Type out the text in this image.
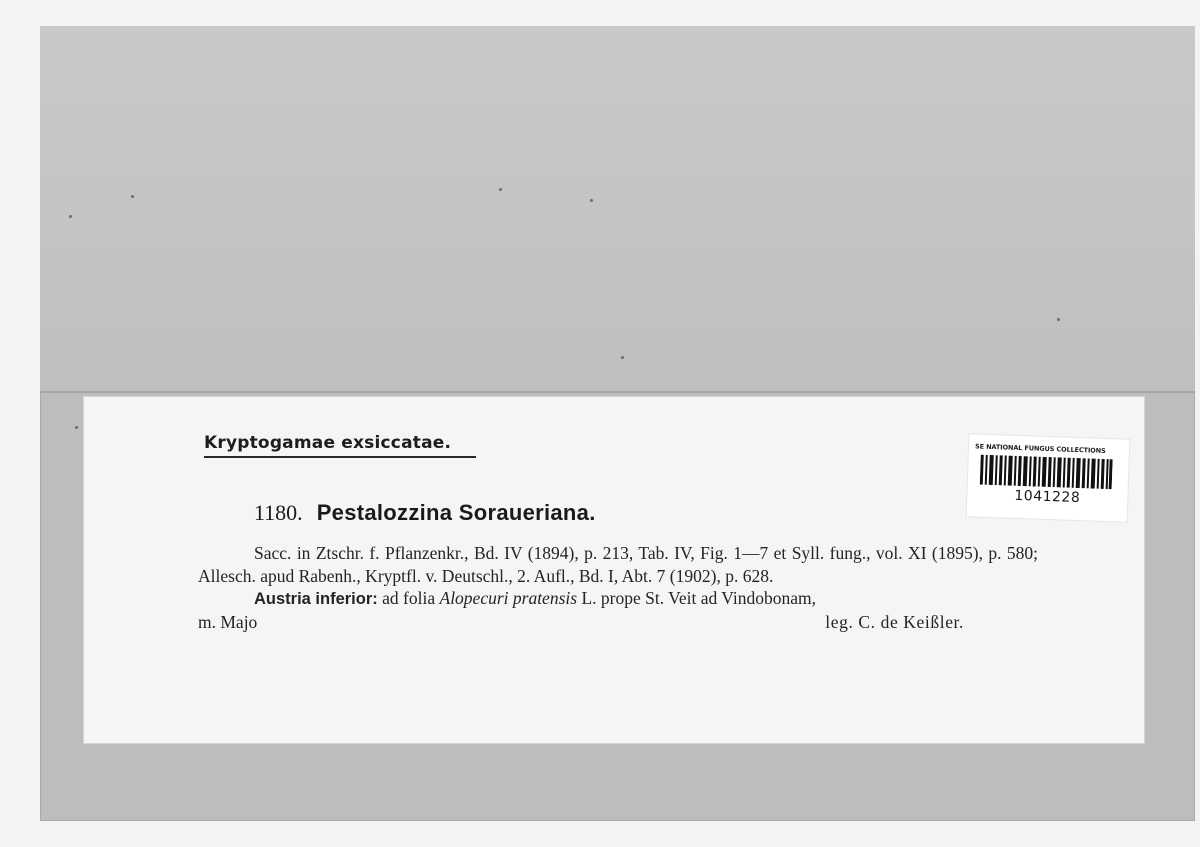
Kryptogamae exsiccatae.
1180. Pestalozzina Soraueriana.
SE NATIONAL FUNGUS COLLECTIONS
1041228

Sacc. in Ztschr. f. Pflanzenkr., Bd. IV (1894), p. 213, Tab. IV, Fig. 1—7 et Syll. fung., vol. XI (1895), p. 580; Allesch. apud Rabenh., Kryptfl. v. Deutschl., 2. Aufl., Bd. I, Abt. 7 (1902), p. 628.

Austria inferior: ad folia Alopecuri pratensis L. prope St. Veit ad Vindobonam,

m. Majo	leg. C. de Keißler.
